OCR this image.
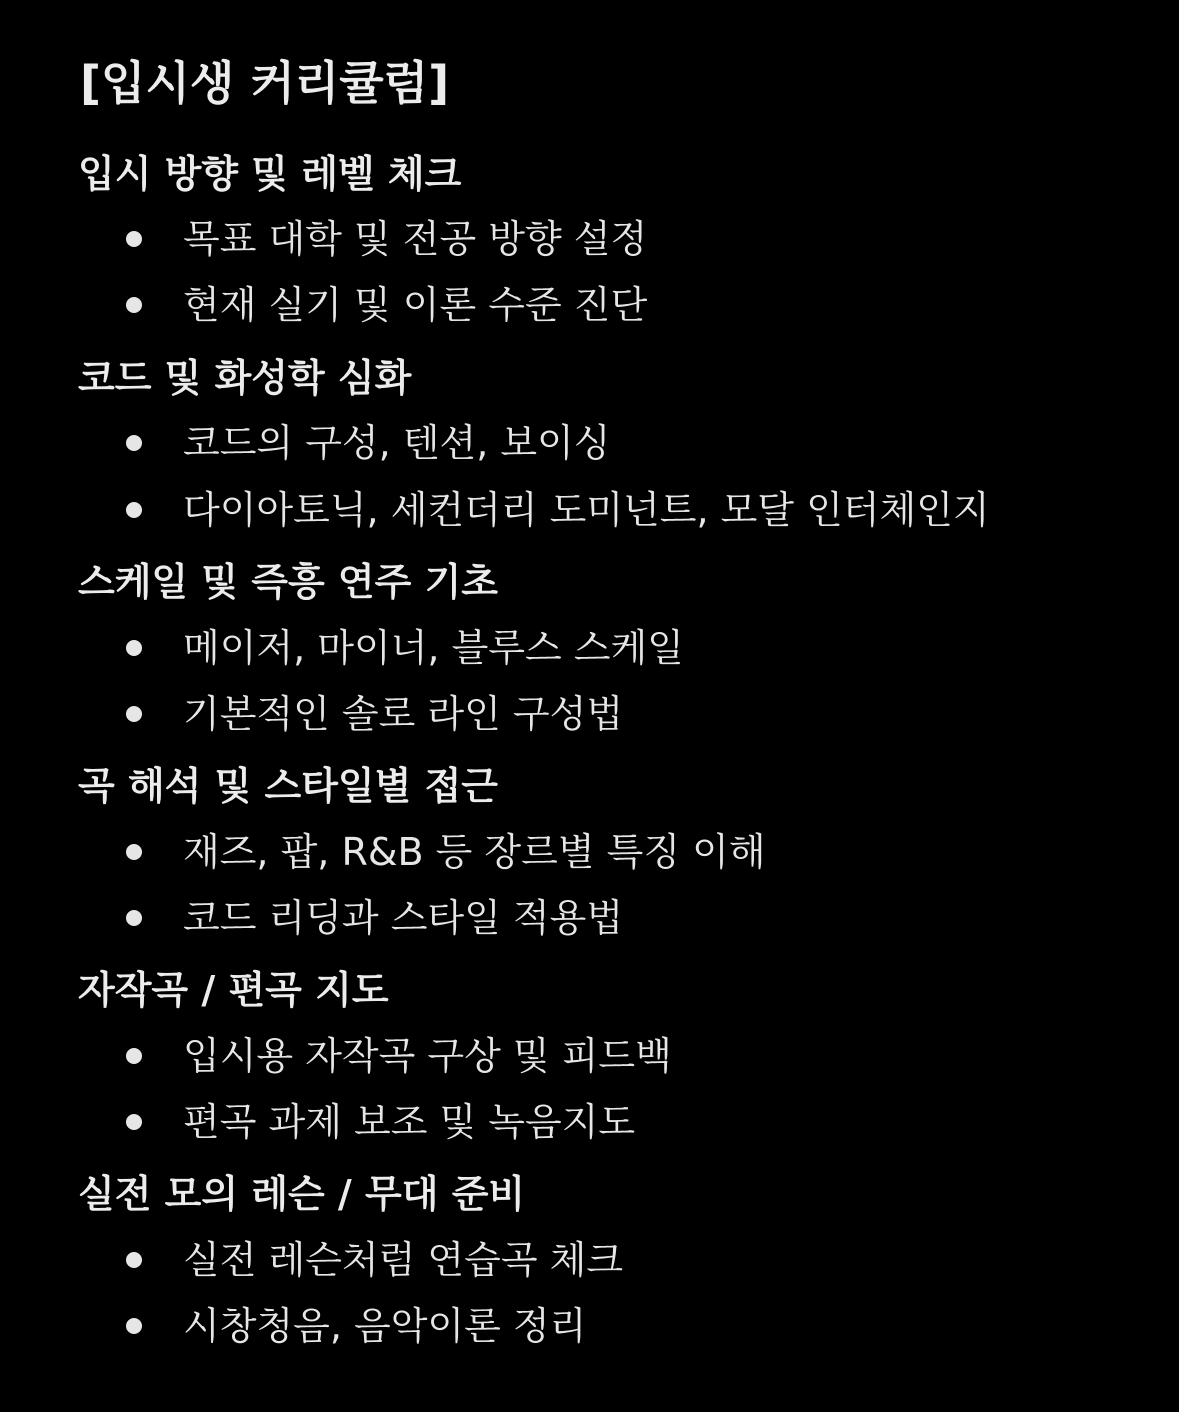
[입시생 커리큘럼]
입시 방향 및 레벨 체크
목표 대학 및 전공 방향 설정
현재 실기 및 이론 수준 진단
코드 및 화성학 심화
코드의 구성, 텐션, 보이싱
다이아토닉, 세컨더리 도미넌트, 모달 인터체인지
스케일 및 즉흥 연주 기초
메이저, 마이너, 블루스 스케일
기본적인 솔로 라인 구성법
곡 해석 및 스타일별 접근
재즈, 팝, R&B 등 장르별 특징 이해
코드 리딩과 스타일 적용법
자작곡 / 편곡 지도
입시용 자작곡 구상 및 피드백
편곡 과제 보조 및 녹음지도
실전 모의 레슨 / 무대 준비
실전 레슨처럼 연습곡 체크
시창청음, 음악이론 정리
